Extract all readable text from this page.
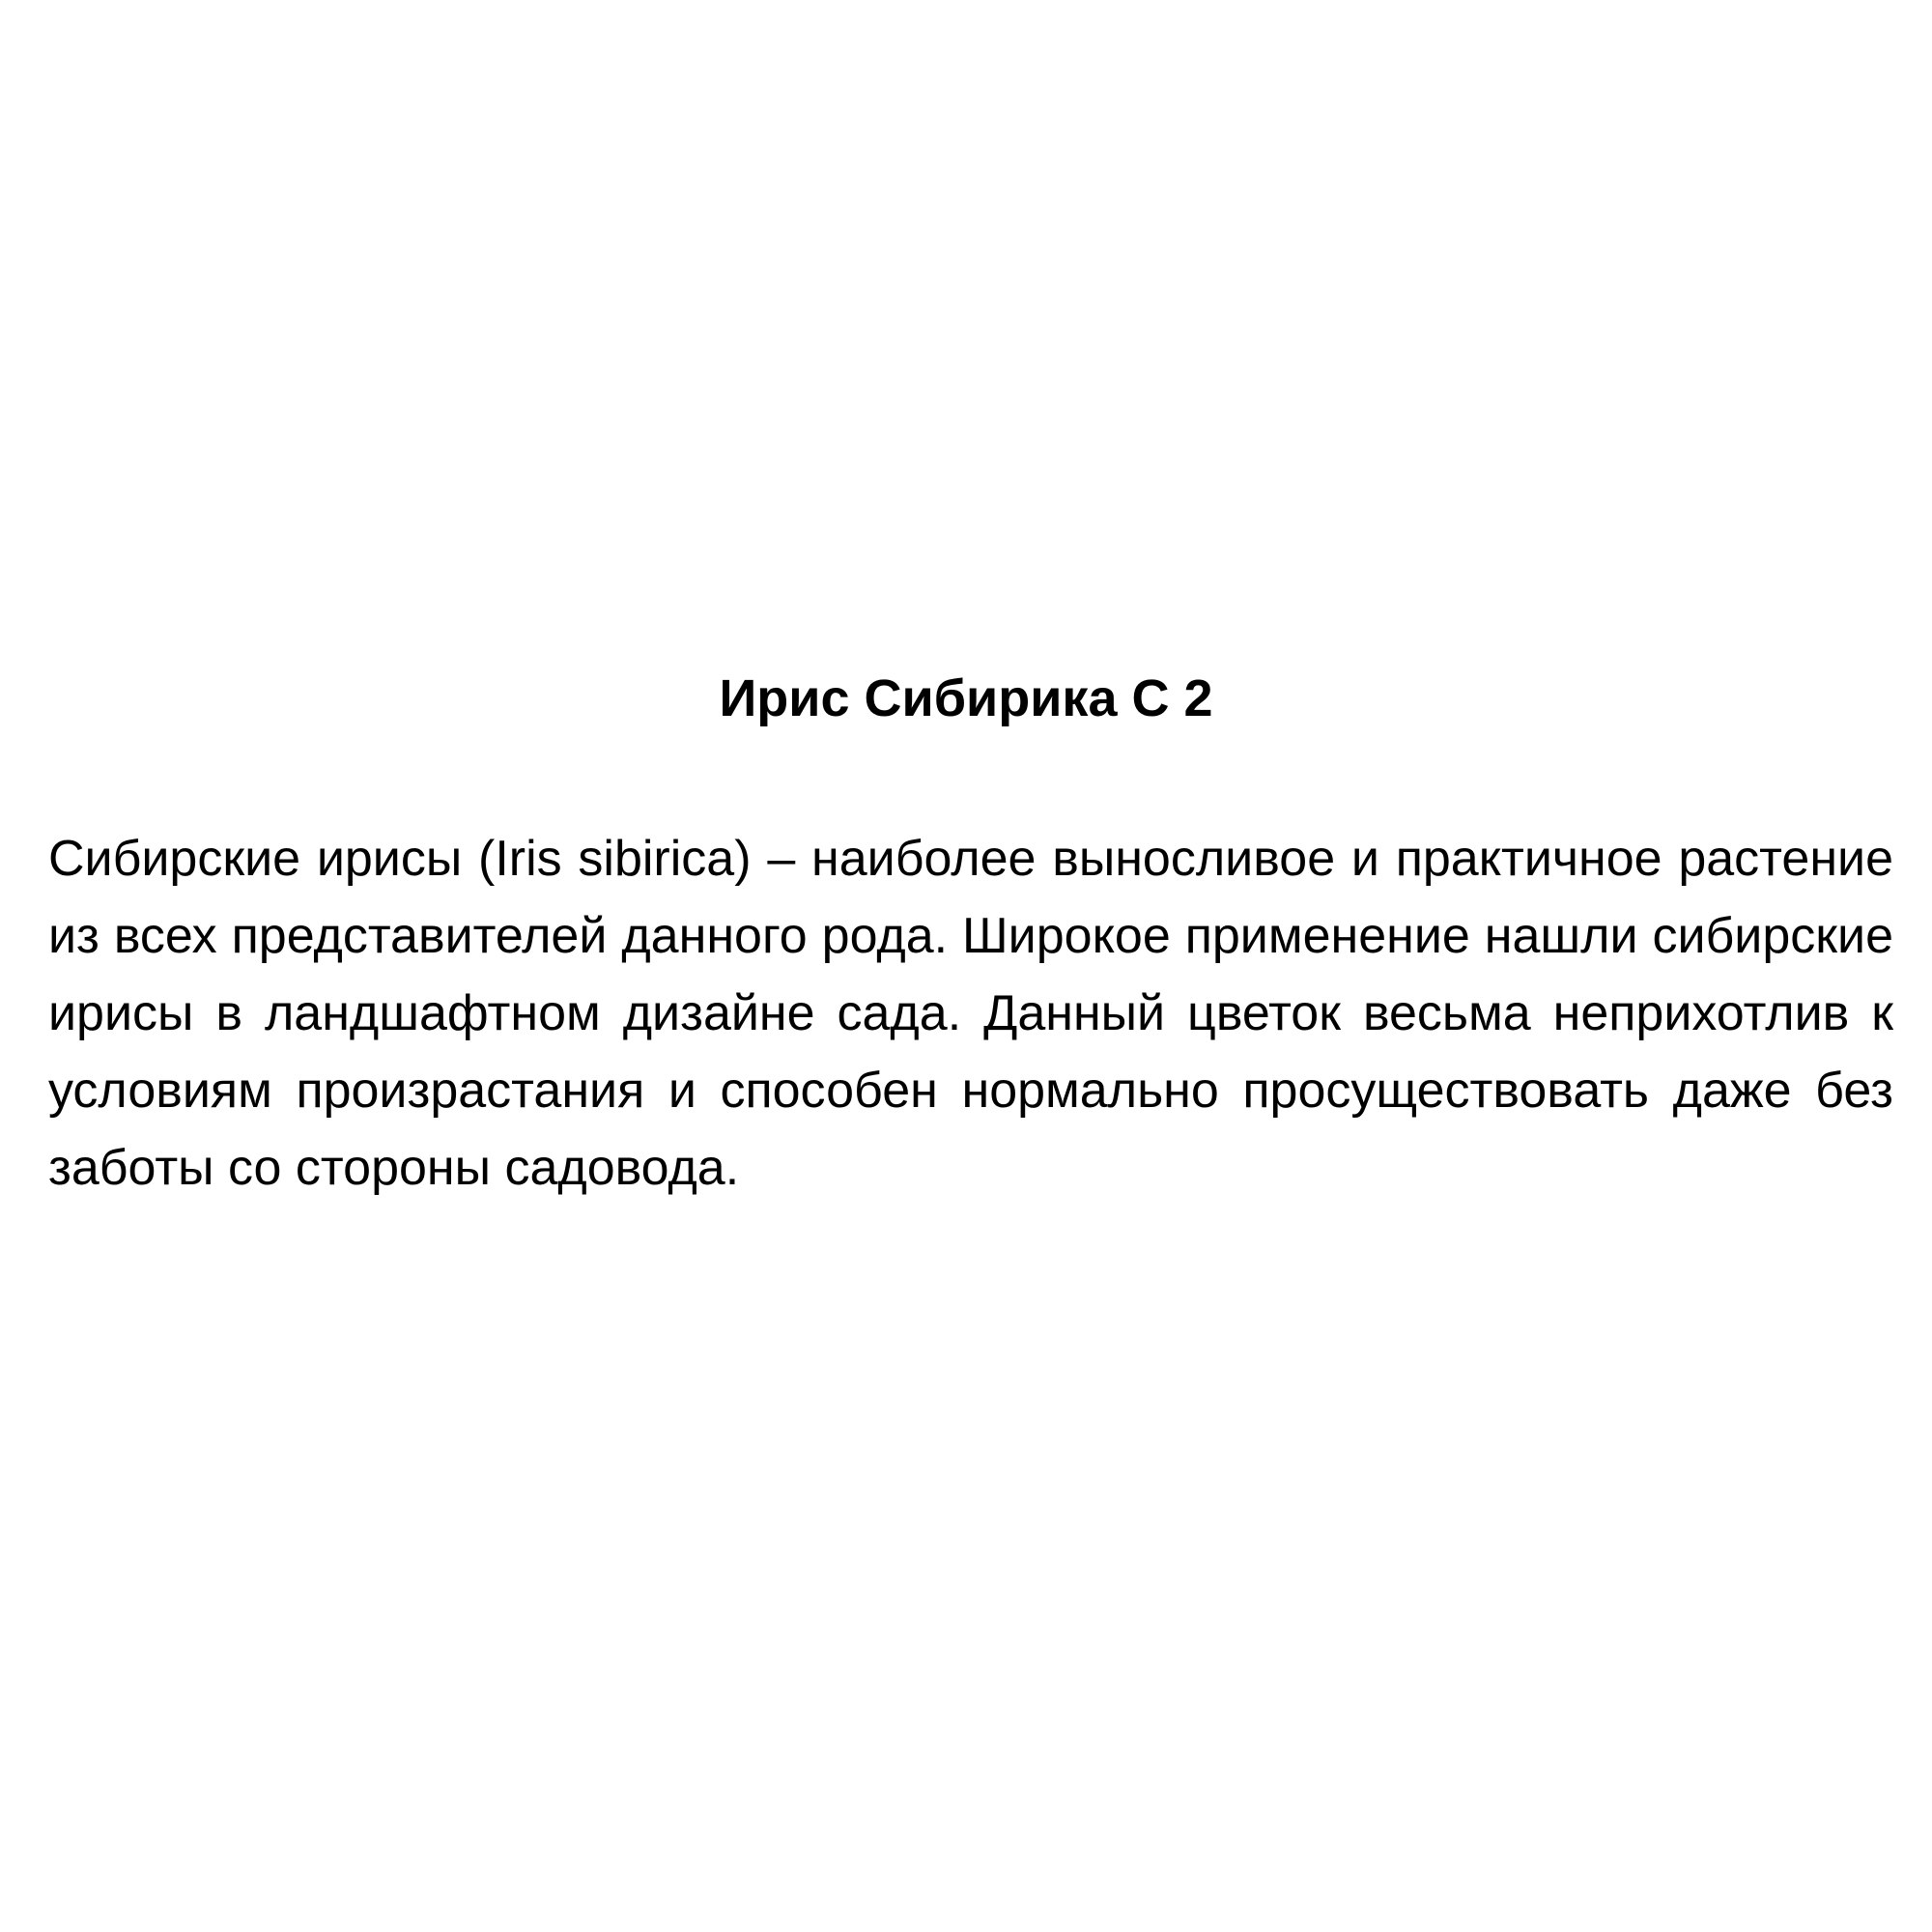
Ирис Сибирика С 2

Сибирские ирисы (Iris sibirica) – наиболее выносливое и практичное растение из всех представителей данного рода. Широкое применение нашли сибирские ирисы в ландшафтном дизайне сада. Данный цветок весьма неприхотлив к условиям произрастания и способен нормально просуществовать даже без заботы со стороны садовода.
